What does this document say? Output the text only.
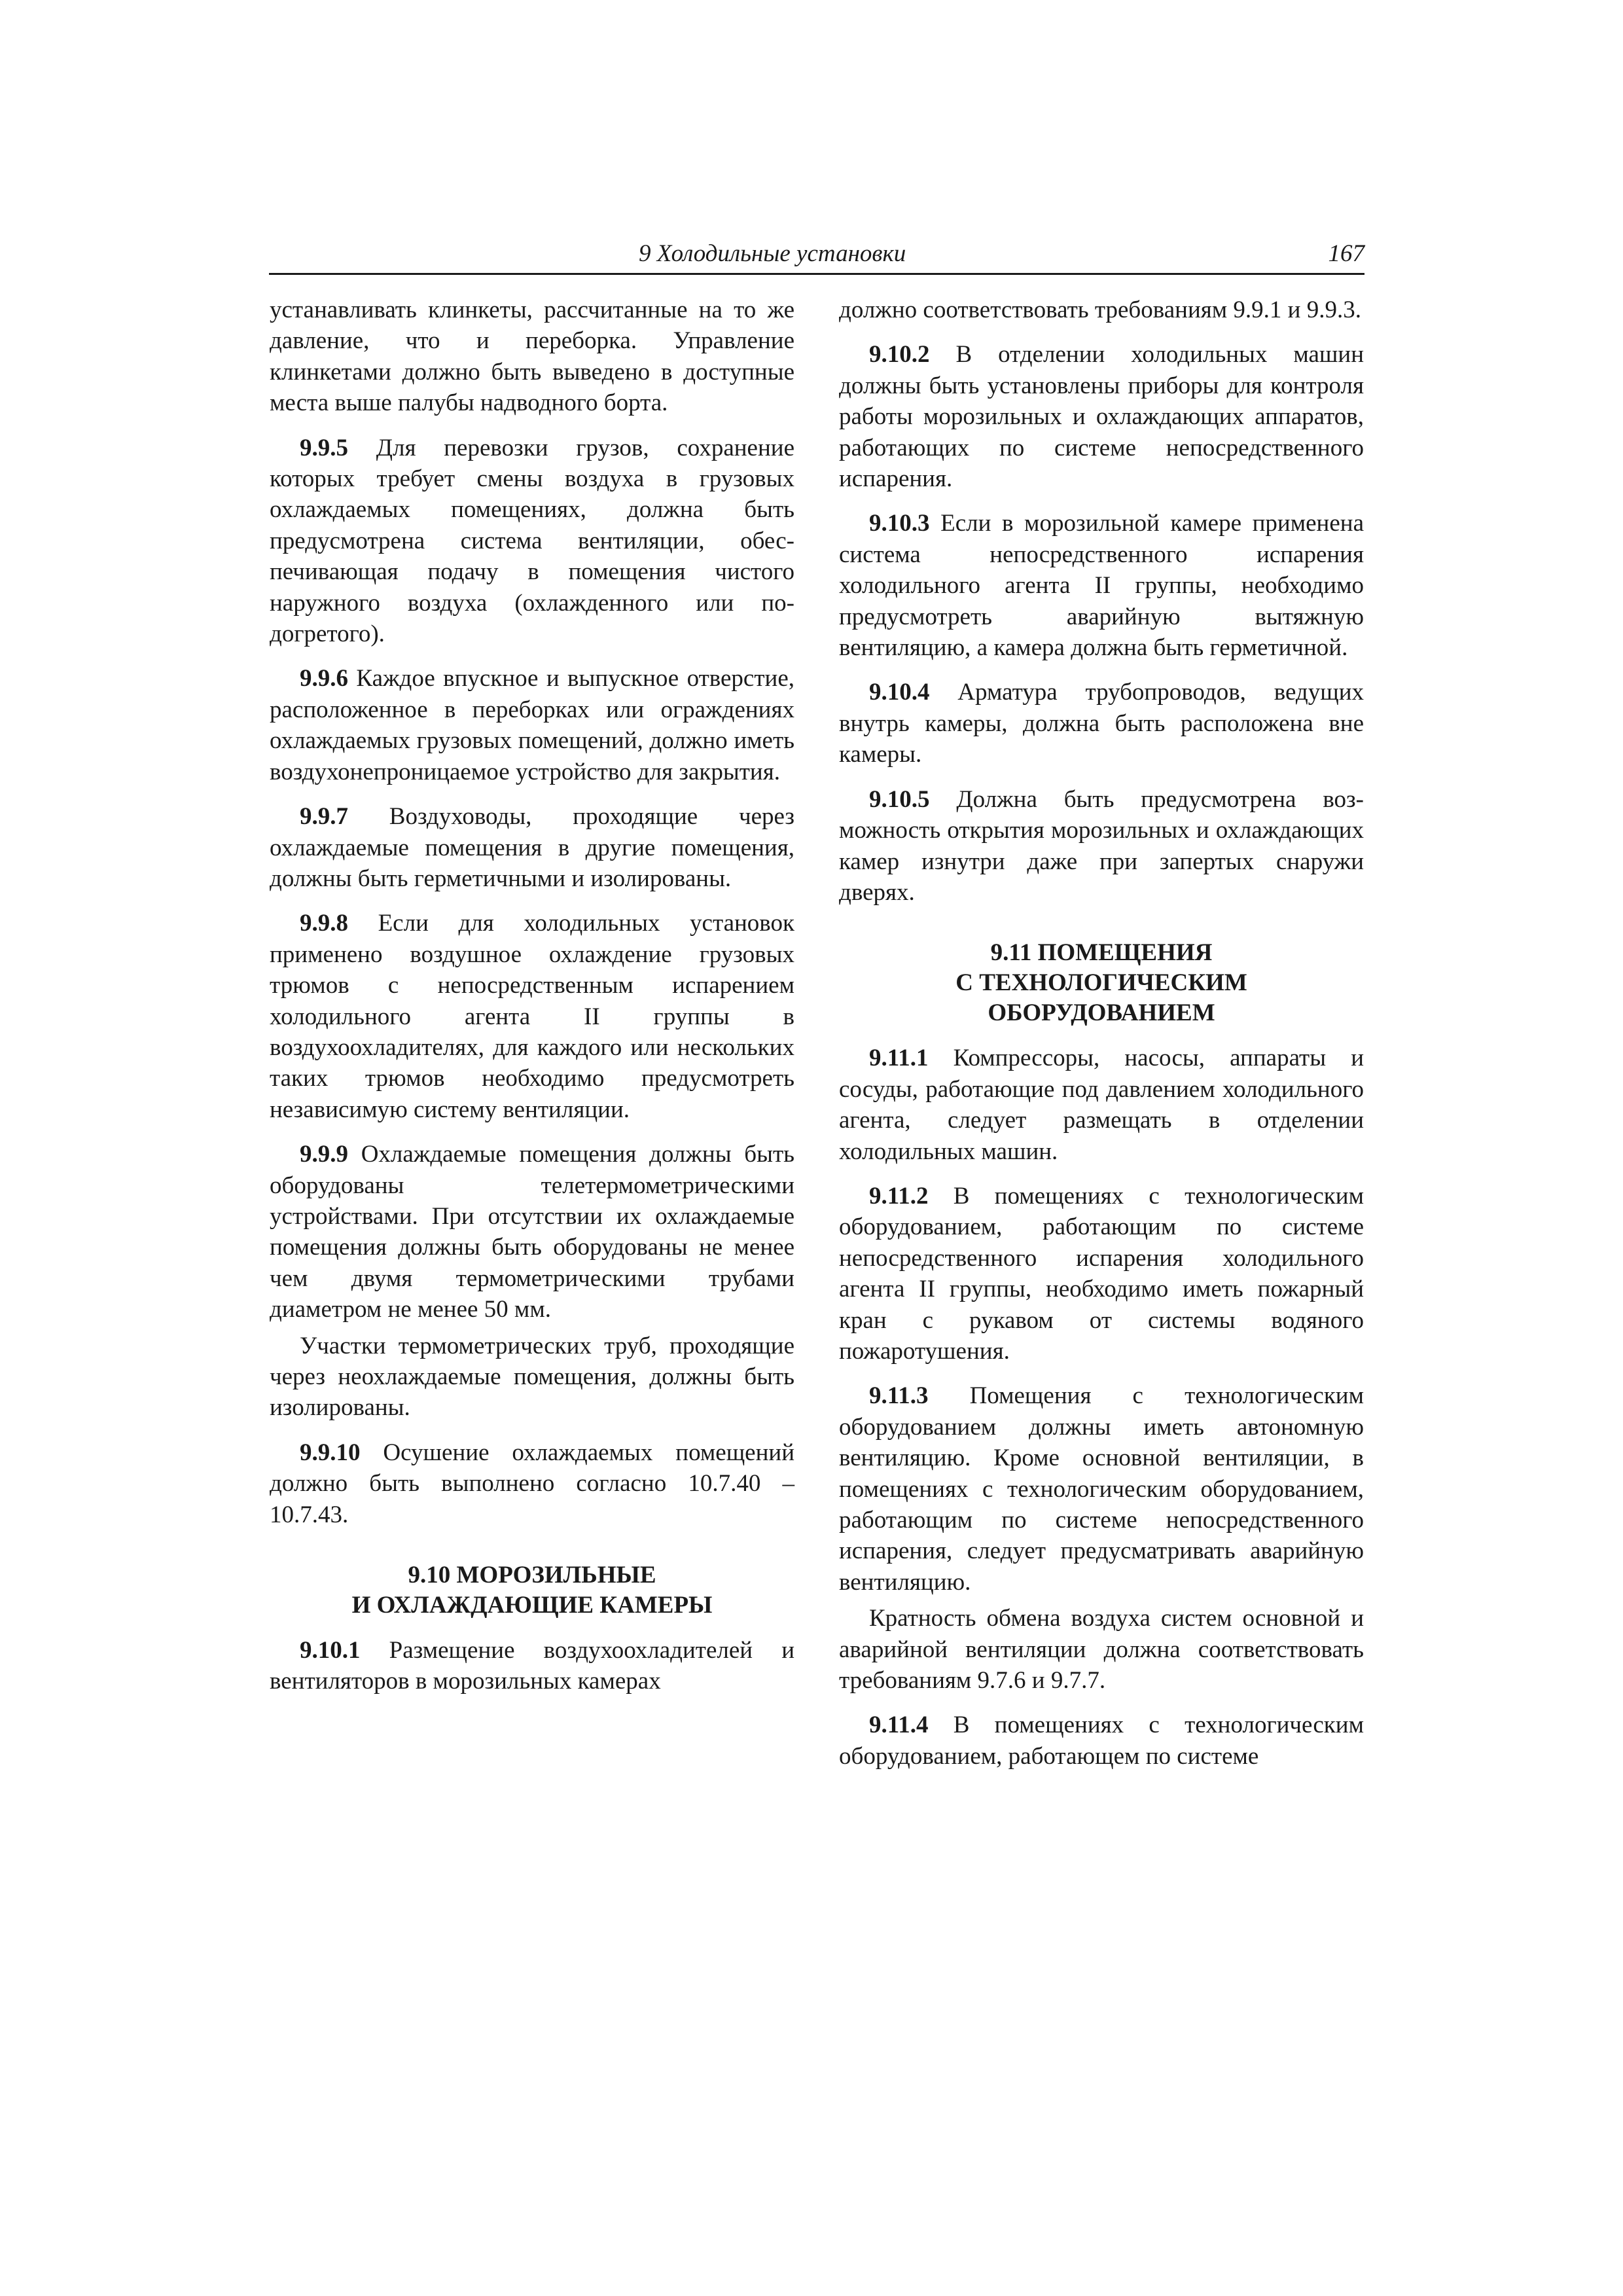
9 Холодильные установки	167

устанавливать клинкеты, рассчитанные на то же давление, что и переборка. Управление клинкетами должно быть выведено в доступные места выше палубы надводного борта.

9.9.5 Для перевозки грузов, сохранение которых требует смены воздуха в грузовых охлаждаемых помещениях, должна быть предусмотрена система вентиляции, обеспечивающая подачу в помещения чистого наружного воздуха (охлажденного или подогретого).

9.9.6 Каждое впускное и выпускное отверстие, расположенное в переборках или ограждениях охлаждаемых грузовых помещений, должно иметь воздухонепроницаемое устройство для закрытия.

9.9.7 Воздуховоды, проходящие через охлаждаемые помещения в другие помещения, должны быть герметичными и изолированы.

9.9.8 Если для холодильных установок применено воздушное охлаждение грузовых трюмов с непосредственным испарением холодильного агента II группы в воздухоохладителях, для каждого или нескольких таких трюмов необходимо предусмотреть независимую систему вентиляции.

9.9.9 Охлаждаемые помещения должны быть оборудованы телетермометрическими устройствами. При отсутствии их охлаждаемые помещения должны быть оборудованы не менее чем двумя термометрическими трубами диаметром не менее 50 мм.

Участки термометрических труб, проходящие через неохлаждаемые помещения, должны быть изолированы.

9.9.10 Осушение охлаждаемых помещений должно быть выполнено согласно 10.7.40 – 10.7.43.

9.10 МОРОЗИЛЬНЫЕ
И ОХЛАЖДАЮЩИЕ КАМЕРЫ

9.10.1 Размещение воздухоохладителей и вентиляторов в морозильных камерах

должно соответствовать требованиям 9.9.1 и 9.9.3.

9.10.2 В отделении холодильных машин должны быть установлены приборы для контроля работы морозильных и охлаждающих аппаратов, работающих по системе непосредственного испарения.

9.10.3 Если в морозильной камере применена система непосредственного испарения холодильного агента II группы, необходимо предусмотреть аварийную вытяжную вентиляцию, а камера должна быть герметичной.

9.10.4 Арматура трубопроводов, ведущих внутрь камеры, должна быть расположена вне камеры.

9.10.5 Должна быть предусмотрена возможность открытия морозильных и охлаждающих камер изнутри даже при запертых снаружи дверях.

9.11 ПОМЕЩЕНИЯ
С ТЕХНОЛОГИЧЕСКИМ
ОБОРУДОВАНИЕМ

9.11.1 Компрессоры, насосы, аппараты и сосуды, работающие под давлением холодильного агента, следует размещать в отделении холодильных машин.

9.11.2 В помещениях с технологическим оборудованием, работающим по системе непосредственного испарения холодильного агента II группы, необходимо иметь пожарный кран с рукавом от системы водяного пожаротушения.

9.11.3 Помещения с технологическим оборудованием должны иметь автономную вентиляцию. Кроме основной вентиляции, в помещениях с технологическим оборудованием, работающим по системе непосредственного испарения, следует предусматривать аварийную вентиляцию.

Кратность обмена воздуха систем основной и аварийной вентиляции должна соответствовать требованиям 9.7.6 и 9.7.7.

9.11.4 В помещениях с технологическим оборудованием, работающем по системе
